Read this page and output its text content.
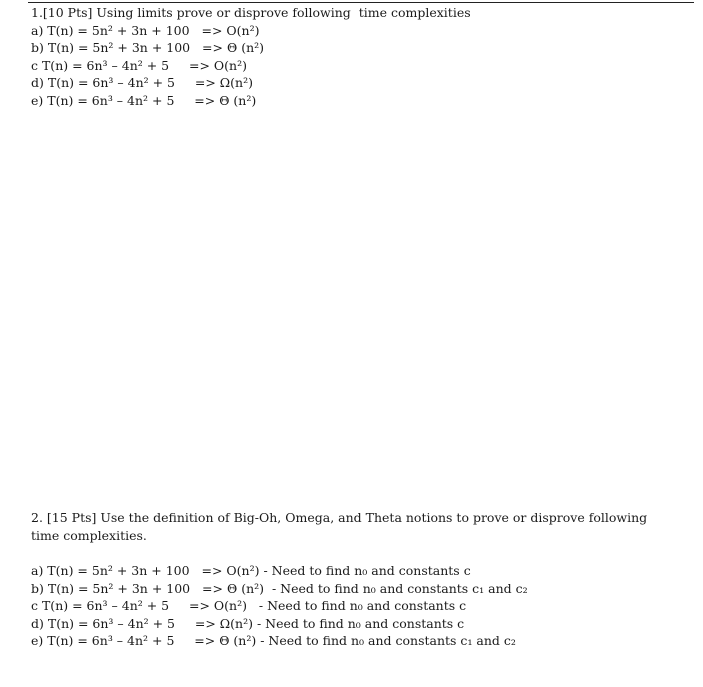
1.[10 Pts] Using limits prove or disprove following  time complexities
a) T(n) = 5n² + 3n + 100   => O(n²)
b) T(n) = 5n² + 3n + 100   => Θ (n²)
c T(n) = 6n³ – 4n² + 5     => O(n²)
d) T(n) = 6n³ – 4n² + 5     => Ω(n²)
e) T(n) = 6n³ – 4n² + 5     => Θ (n²)
2. [15 Pts] Use the definition of Big-Oh, Omega, and Theta notions to prove or disprove following time complexities.
a) T(n) = 5n² + 3n + 100   => O(n²) - Need to find n₀ and constants c
b) T(n) = 5n² + 3n + 100   => Θ (n²)  - Need to find n₀ and constants c₁ and c₂
c T(n) = 6n³ – 4n² + 5     => O(n²)   - Need to find n₀ and constants c
d) T(n) = 6n³ – 4n² + 5     => Ω(n²) - Need to find n₀ and constants c
e) T(n) = 6n³ – 4n² + 5     => Θ (n²) - Need to find n₀ and constants c₁ and c₂
